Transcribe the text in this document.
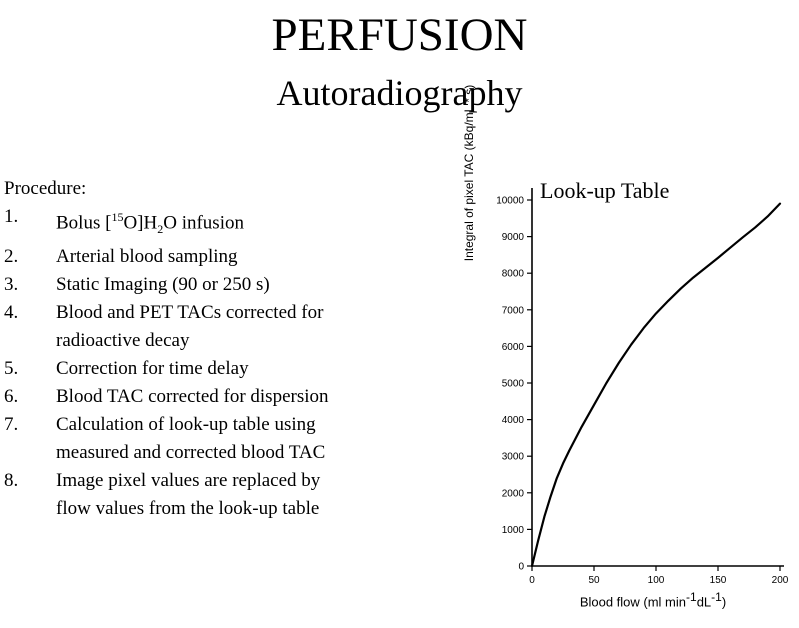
PERFUSION
Autoradiography
Procedure:
1.	Bolus $[^{15}O]H_2O$ infusion
2.	Arterial blood sampling
3.	Static Imaging (90 or 250 s)
4.	Blood and PET TACs corrected for
radioactive decay
5.	Correction for time delay
6.	Blood TAC corrected for dispersion
7.	Calculation of look-up table using
measured and corrected blood TAC
8.	Image pixel values are replaced by
flow values from the look-up table
Look-up Table
Integral of pixel TAC (kBq/mL * s)
Blood flow (ml $\min^{-1}dL^{-1}$)
0
1000
2000
3000
4000
5000
6000
7000
8000
9000
10000
0	50	100	150	200
